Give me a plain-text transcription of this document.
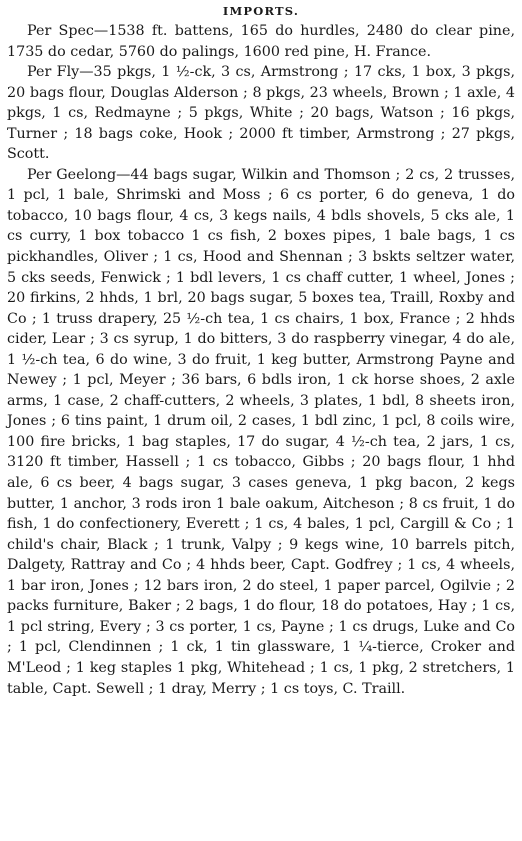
IMPORTS.

Per Spec—1538 ft. battens, 165 do hurdles, 2480 do clear pine, 1735 do cedar, 5760 do palings, 1600 red pine, H. France.

Per Fly—35 pkgs, 1 ½-ck, 3 cs, Armstrong ; 17 cks, 1 box, 3 pkgs, 20 bags flour, Douglas Alderson ; 8 pkgs, 23 wheels, Brown ; 1 axle, 4 pkgs, 1 cs, Redmayne ; 5 pkgs, White ; 20 bags, Watson ; 16 pkgs, Turner ; 18 bags coke, Hook ; 2000 ft timber, Armstrong ; 27 pkgs, Scott.

Per Geelong—44 bags sugar, Wilkin and Thomson ; 2 cs, 2 trusses, 1 pcl, 1 bale, Shrimski and Moss ; 6 cs porter, 6 do geneva, 1 do tobacco, 10 bags flour, 4 cs, 3 kegs nails, 4 bdls shovels, 5 cks ale, 1 cs curry, 1 box tobacco 1 cs fish, 2 boxes pipes, 1 bale bags, 1 cs pickhandles, Oliver ; 1 cs, Hood and Shennan ; 3 bskts seltzer water, 5 cks seeds, Fenwick ; 1 bdl levers, 1 cs chaff cutter, 1 wheel, Jones ; 20 firkins, 2 hhds, 1 brl, 20 bags sugar, 5 boxes tea, Traill, Roxby and Co ; 1 truss drapery, 25 ½-ch tea, 1 cs chairs, 1 box, France ; 2 hhds cider, Lear ; 3 cs syrup, 1 do bitters, 3 do raspberry vinegar, 4 do ale, 1 ½-ch tea, 6 do wine, 3 do fruit, 1 keg butter, Armstrong Payne and Newey ; 1 pcl, Meyer ; 36 bars, 6 bdls iron, 1 ck horse shoes, 2 axle arms, 1 case, 2 chaff-cutters, 2 wheels, 3 plates, 1 bdl, 8 sheets iron, Jones ; 6 tins paint, 1 drum oil, 2 cases, 1 bdl zinc, 1 pcl, 8 coils wire, 100 fire bricks, 1 bag staples, 17 do sugar, 4 ½-ch tea, 2 jars, 1 cs, 3120 ft timber, Hassell ; 1 cs tobacco, Gibbs ; 20 bags flour, 1 hhd ale, 6 cs beer, 4 bags sugar, 3 cases geneva, 1 pkg bacon, 2 kegs butter, 1 anchor, 3 rods iron 1 bale oakum, Aitcheson ; 8 cs fruit, 1 do fish, 1 do confectionery, Everett ; 1 cs, 4 bales, 1 pcl, Cargill & Co ; 1 child's chair, Black ; 1 trunk, Valpy ; 9 kegs wine, 10 barrels pitch, Dalgety, Rattray and Co ; 4 hhds beer, Capt. Godfrey ; 1 cs, 4 wheels, 1 bar iron, Jones ; 12 bars iron, 2 do steel, 1 paper parcel, Ogilvie ; 2 packs furniture, Baker ; 2 bags, 1 do flour, 18 do potatoes, Hay ; 1 cs, 1 pcl string, Every ; 3 cs porter, 1 cs, Payne ; 1 cs drugs, Luke and Co ; 1 pcl, Clendinnen ; 1 ck, 1 tin glassware, 1 ¼-tierce, Croker and M'Leod ; 1 keg staples 1 pkg, Whitehead ; 1 cs, 1 pkg, 2 stretchers, 1 table, Capt. Sewell ; 1 dray, Merry ; 1 cs toys, C. Traill.
